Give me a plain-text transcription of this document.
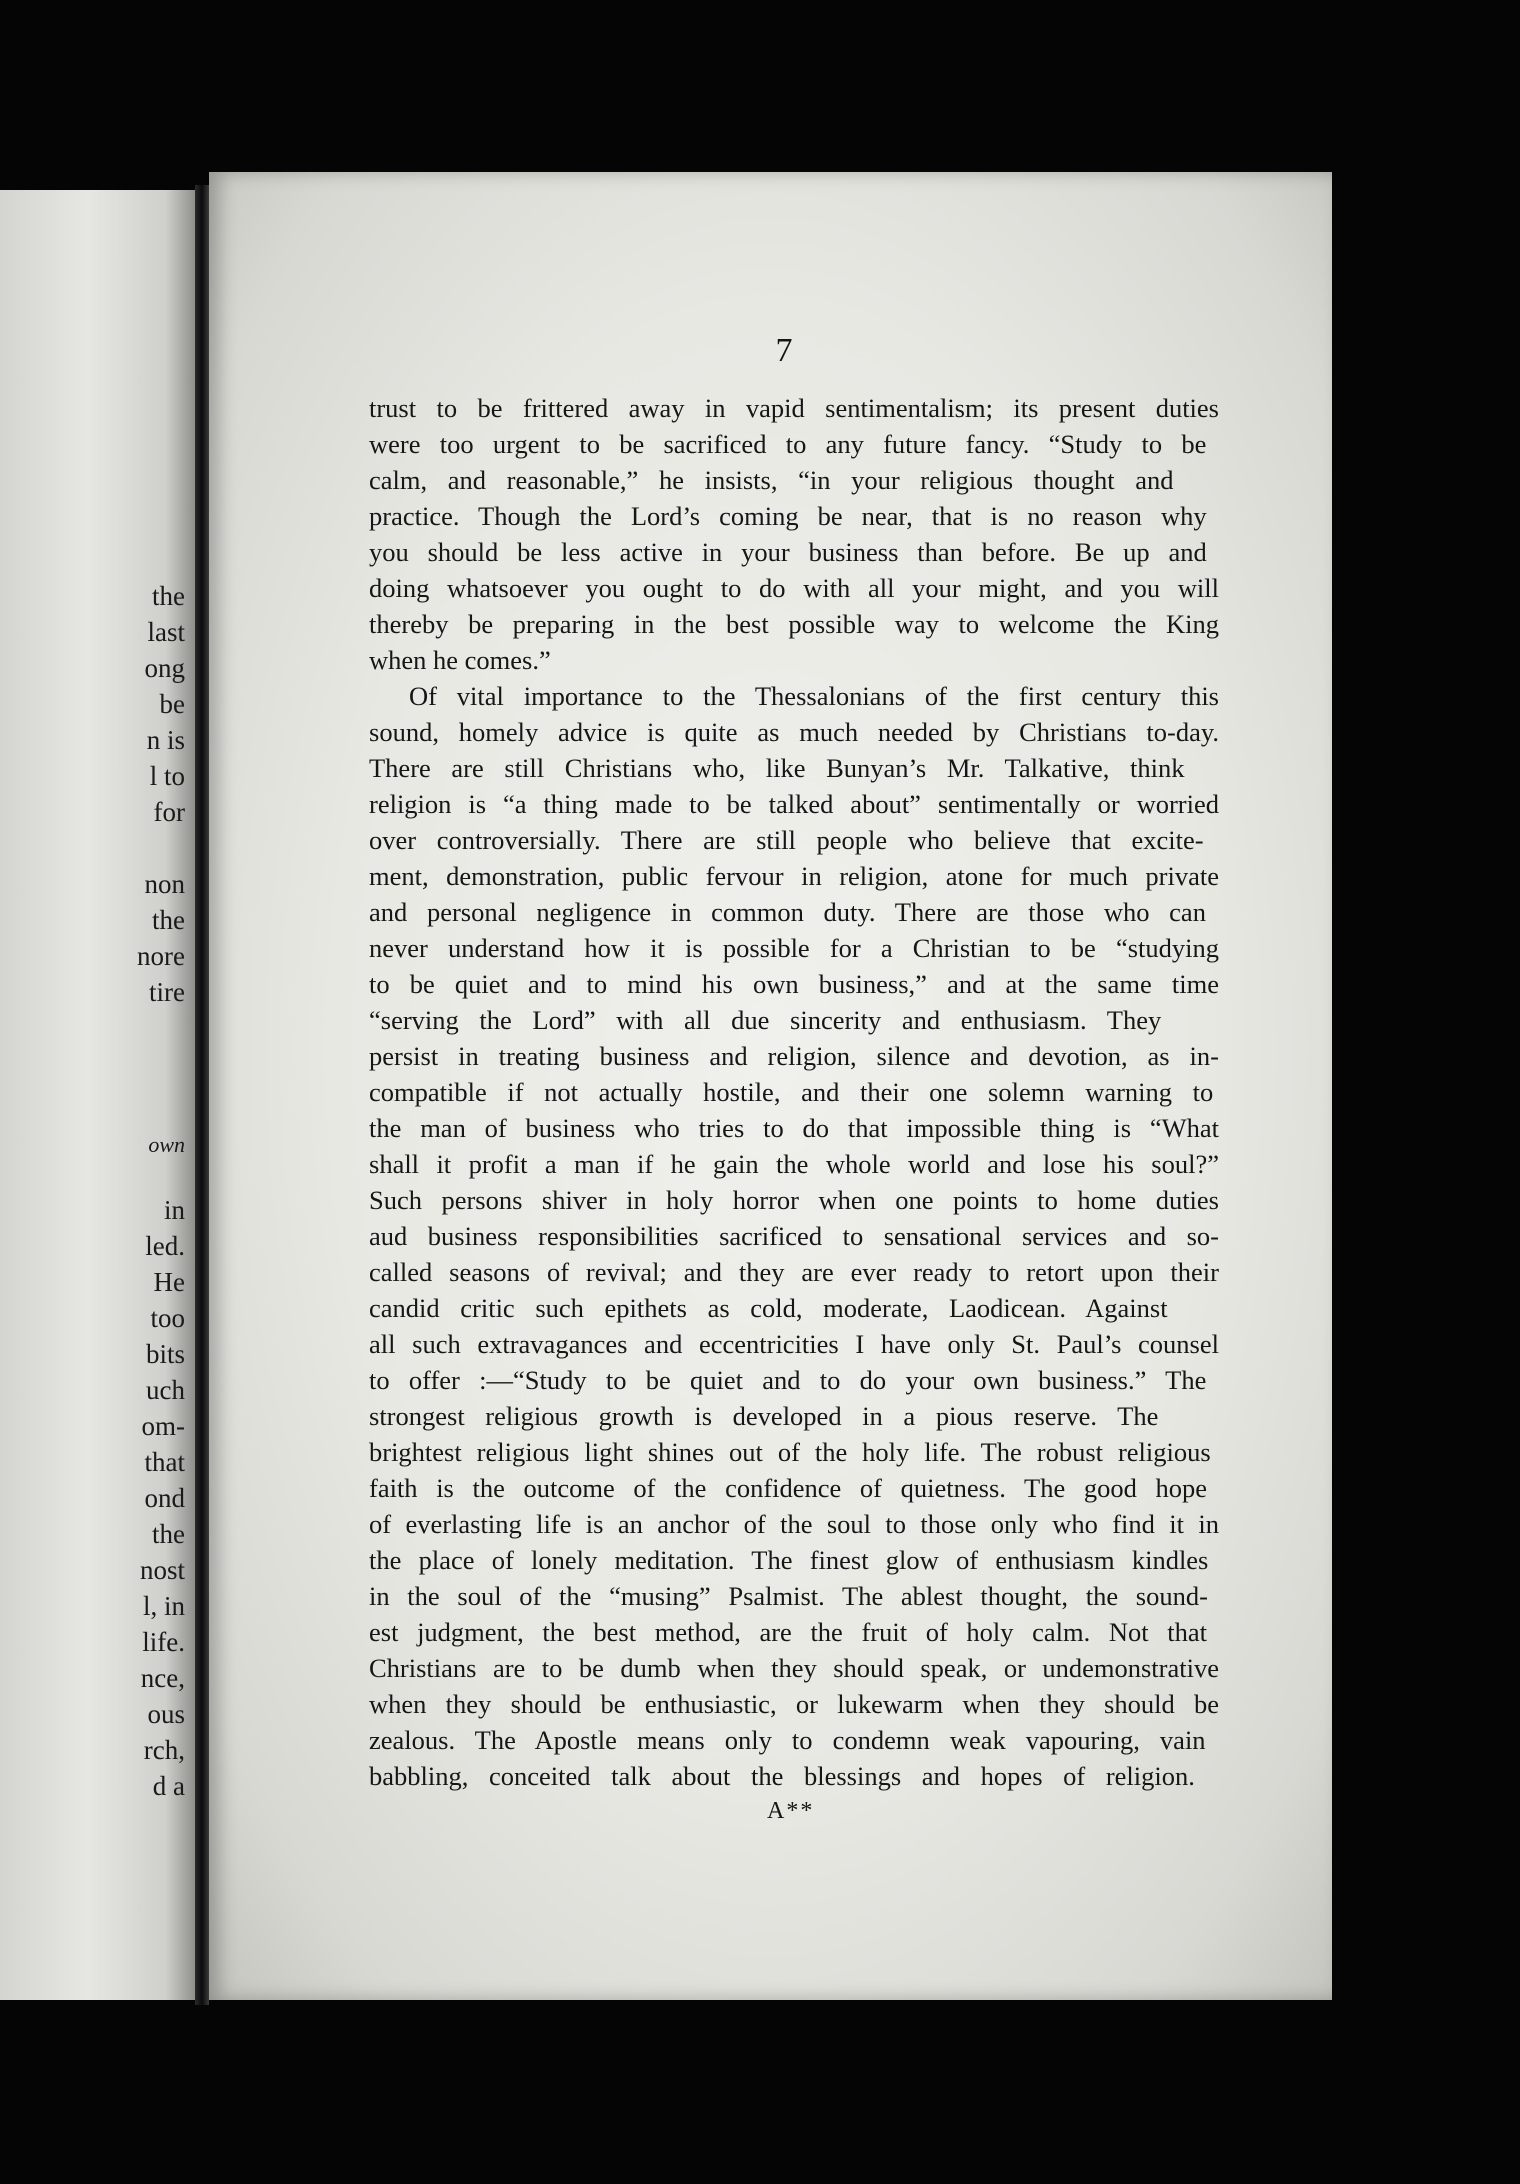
the

last

ong

be

n is

l to

for

non

the

nore

tire

own

in

led.

He

too

bits

uch

om-

that

ond

the

nost

l, in

life.

nce,

ous

rch,

d a

7

trust to be frittered away in vapid sentimentalism; its present duties
were too urgent to be sacrificed to any future fancy. “Study to be
calm, and reasonable,” he insists, “in your religious thought and
practice. Though the Lord’s coming be near, that is no reason why
you should be less active in your business than before. Be up and
doing whatsoever you ought to do with all your might, and you will
thereby be preparing in the best possible way to welcome the King
when he comes.”
Of vital importance to the Thessalonians of the first century this
sound, homely advice is quite as much needed by Christians to-day.
There are still Christians who, like Bunyan’s Mr. Talkative, think
religion is “a thing made to be talked about” sentimentally or worried
over controversially. There are still people who believe that excite-
ment, demonstration, public fervour in religion, atone for much private
and personal negligence in common duty. There are those who can
never understand how it is possible for a Christian to be “studying
to be quiet and to mind his own business,” and at the same time
“serving the Lord” with all due sincerity and enthusiasm. They
persist in treating business and religion, silence and devotion, as in-
compatible if not actually hostile, and their one solemn warning to
the man of business who tries to do that impossible thing is “What
shall it profit a man if he gain the whole world and lose his soul?”
Such persons shiver in holy horror when one points to home duties
aud business responsibilities sacrificed to sensational services and so-
called seasons of revival; and they are ever ready to retort upon their
candid critic such epithets as cold, moderate, Laodicean. Against
all such extravagances and eccentricities I have only St. Paul’s counsel
to offer :—“Study to be quiet and to do your own business.” The
strongest religious growth is developed in a pious reserve. The
brightest religious light shines out of the holy life. The robust religious
faith is the outcome of the confidence of quietness. The good hope
of everlasting life is an anchor of the soul to those only who find it in
the place of lonely meditation. The finest glow of enthusiasm kindles
in the soul of the “musing” Psalmist. The ablest thought, the sound-
est judgment, the best method, are the fruit of holy calm. Not that
Christians are to be dumb when they should speak, or undemonstrative
when they should be enthusiastic, or lukewarm when they should be
zealous. The Apostle means only to condemn weak vapouring, vain
babbling, conceited talk about the blessings and hopes of religion.

A**
